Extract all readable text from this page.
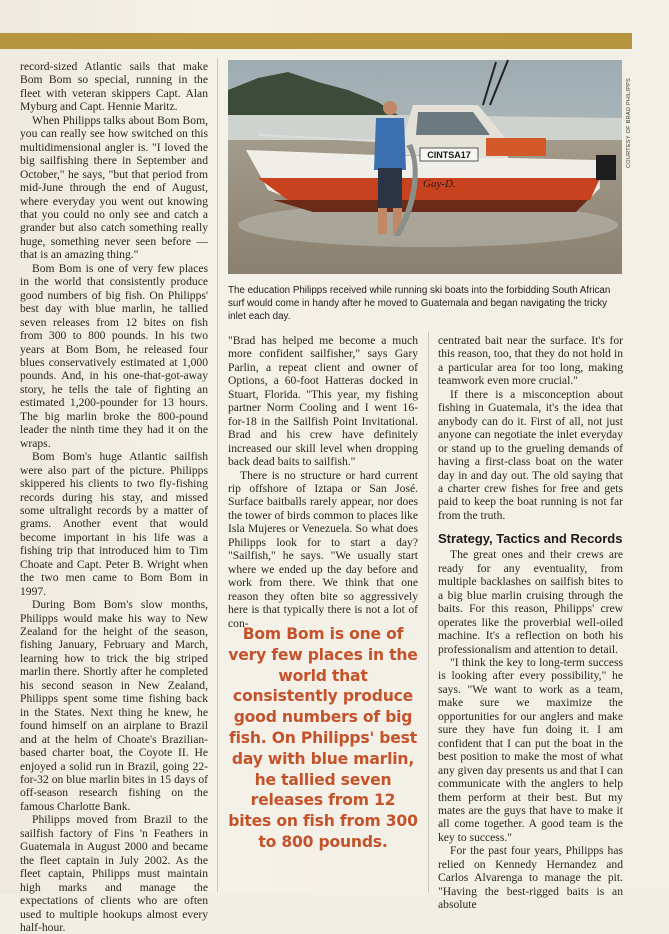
record-sized Atlantic sails that make Bom Bom so special, running in the fleet with veteran skippers Capt. Alan Myburg and Capt. Hennie Maritz.

When Philipps talks about Bom Bom, you can really see how switched on this multidimensional angler is. "I loved the big sailfishing there in September and October," he says, "but that period from mid-June through the end of August, where everyday you went out knowing that you could no only see and catch a grander but also catch something really huge, something never seen before — that is an amazing thing."

Bom Bom is one of very few places in the world that consistently produce good numbers of big fish. On Philipps' best day with blue marlin, he tallied seven releases from 12 bites on fish from 300 to 800 pounds. In his two years at Bom Bom, he released four blues conservatively estimated at 1,000 pounds. And, in his one-that-got-away story, he tells the tale of fighting an estimated 1,200-pounder for 13 hours. The big marlin broke the 800-pound leader the ninth time they had it on the wraps.

Bom Bom's huge Atlantic sailfish were also part of the picture. Philipps skippered his clients to two fly-fishing records during his stay, and missed some ultralight records by a matter of grams. Another event that would become important in his life was a fishing trip that introduced him to Tim Choate and Capt. Peter B. Wright when the two men came to Bom Bom in 1997.

During Bom Bom's slow months, Philipps would make his way to New Zealand for the height of the season, fishing January, February and March, learning how to trick the big striped marlin there. Shortly after he completed his second season in New Zealand, Philipps spent some time fishing back in the States. Next thing he knew, he found himself on an airplane to Brazil and at the helm of Choate's Brazilian-based charter boat, the Coyote II. He enjoyed a solid run in Brazil, going 22-for-32 on blue marlin bites in 15 days of off-season research fishing on the famous Charlotte Bank.

Philipps moved from Brazil to the sailfish factory of Fins 'n Feathers in Guatemala in August 2000 and became the fleet captain in July 2002. As the fleet captain, Philipps must maintain high marks and manage the expectations of clients who are often used to multiple hookups almost every half-hour.

CINTSA17
Gay-D.
COURTESY OF BRAD PHILIPPS
The education Philipps received while running ski boats into the forbidding South African surf would come in handy after he moved to Guatemala and began navigating the tricky inlet each day.

"Brad has helped me become a much more confident sailfisher," says Gary Parlin, a repeat client and owner of Options, a 60-foot Hatteras docked in Stuart, Florida. "This year, my fishing partner Norm Cooling and I went 16-for-18 in the Sailfish Point Invitational. Brad and his crew have definitely increased our skill level when dropping back dead baits to sailfish."

There is no structure or hard current rip offshore of Iztapa or San José. Surface baitballs rarely appear, nor does the tower of birds common to places like Isla Mujeres or Venezuela. So what does Philipps look for to start a day? "Sailfish," he says. "We usually start where we ended up the day before and work from there. We think that one reason they often bite so aggressively here is that typically there is not a lot of con-

Bom Bom is one of very few places in the world that consistently produce good numbers of big fish. On Philipps' best day with blue marlin, he tallied seven releases from 12 bites on fish from 300 to 800 pounds.

centrated bait near the surface. It's for this reason, too, that they do not hold in a particular area for too long, making teamwork even more crucial."

If there is a misconception about fishing in Guatemala, it's the idea that anybody can do it. First of all, not just anyone can negotiate the inlet everyday or stand up to the grueling demands of having a first-class boat on the water day in and day out. The old saying that a charter crew fishes for free and gets paid to keep the boat running is not far from the truth.

Strategy, Tactics and Records

The great ones and their crews are ready for any eventuality, from multiple backlashes on sailfish bites to a big blue marlin cruising through the baits. For this reason, Philipps' crew operates like the proverbial well-oiled machine. It's a reflection on both his professionalism and attention to detail.

"I think the key to long-term success is looking after every possibility," he says. "We want to work as a team, make sure we maximize the opportunities for our anglers and make sure they have fun doing it. I am confident that I can put the boat in the best position to make the most of what any given day presents us and that I can communicate with the anglers to help them perform at their best. But my mates are the guys that have to make it all come together. A good team is the key to success."

For the past four years, Philipps has relied on Kennedy Hernandez and Carlos Alvarenga to manage the pit. "Having the best-rigged baits is an absolute
